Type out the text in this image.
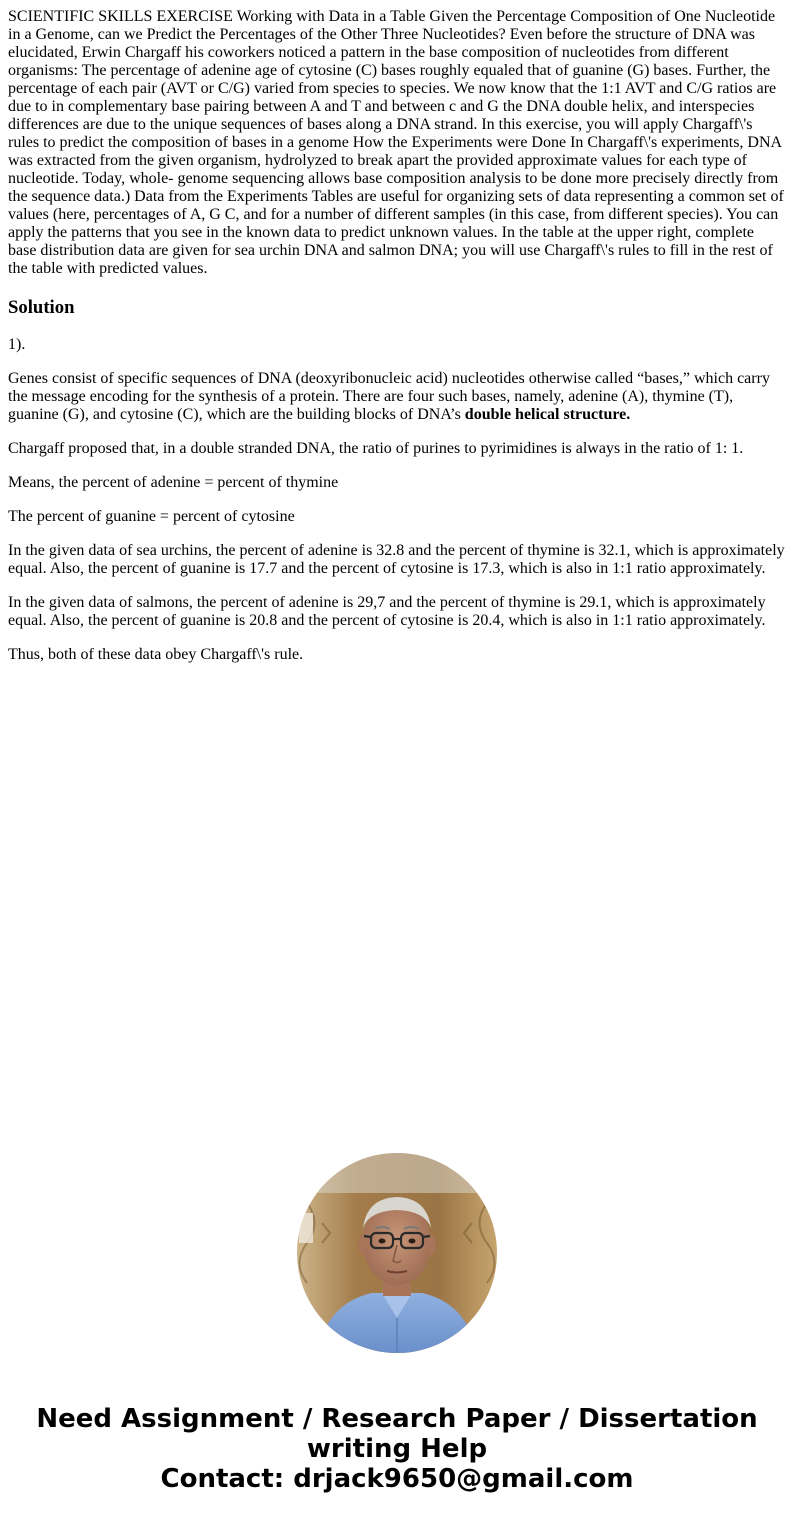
SCIENTIFIC SKILLS EXERCISE Working with Data in a Table Given the Percentage Composition of One Nucleotide in a Genome, can we Predict the Percentages of the Other Three Nucleotides? Even before the structure of DNA was elucidated, Erwin Chargaff his coworkers noticed a pattern in the base composition of nucleotides from different organisms: The percentage of adenine age of cytosine (C) bases roughly equaled that of guanine (G) bases. Further, the percentage of each pair (AVT or C/G) varied from species to species. We now know that the 1:1 AVT and C/G ratios are due to in complementary base pairing between A and T and between c and G the DNA double helix, and interspecies differences are due to the unique sequences of bases along a DNA strand. In this exercise, you will apply Chargaff\'s rules to predict the composition of bases in a genome How the Experiments were Done In Chargaff\'s experiments, DNA was extracted from the given organism, hydrolyzed to break apart the provided approximate values for each type of nucleotide. Today, whole- genome sequencing allows base composition analysis to be done more precisely directly from the sequence data.) Data from the Experiments Tables are useful for organizing sets of data representing a common set of values (here, percentages of A, G C, and for a number of different samples (in this case, from different species). You can apply the patterns that you see in the known data to predict unknown values. In the table at the upper right, complete base distribution data are given for sea urchin DNA and salmon DNA; you will use Chargaff\'s rules to fill in the rest of the table with predicted values.

Solution

1).

Genes consist of specific sequences of DNA (deoxyribonucleic acid) nucleotides otherwise called “bases,” which carry the message encoding for the synthesis of a protein. There are four such bases, namely, adenine (A), thymine (T), guanine (G), and cytosine (C), which are the building blocks of DNA’s double helical structure.

Chargaff proposed that, in a double stranded DNA, the ratio of purines to pyrimidines is always in the ratio of 1: 1.

Means, the percent of adenine = percent of thymine

The percent of guanine = percent of cytosine

In the given data of sea urchins, the percent of adenine is 32.8 and the percent of thymine is 32.1, which is approximately equal. Also, the percent of guanine is 17.7 and the percent of cytosine is 17.3, which is also in 1:1 ratio approximately.

In the given data of salmons, the percent of adenine is 29,7 and the percent of thymine is 29.1, which is approximately equal. Also, the percent of guanine is 20.8 and the percent of cytosine is 20.4, which is also in 1:1 ratio approximately.

Thus, both of these data obey Chargaff\'s rule.

Need Assignment / Research Paper / Dissertation
writing Help
Contact: drjack9650@gmail.com
